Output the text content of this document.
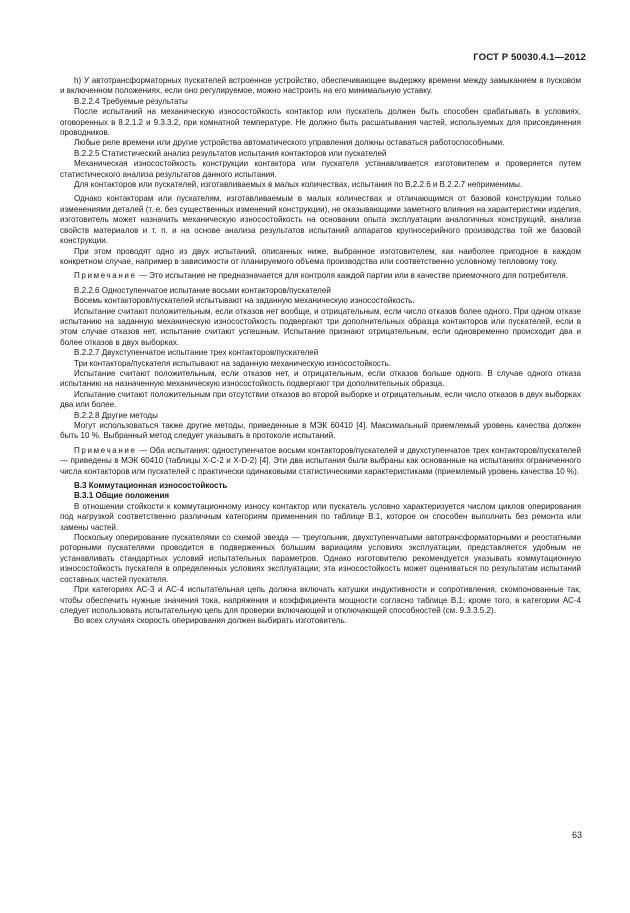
ГОСТ Р 50030.4.1—2012

h) У автотрансформаторных пускателей встроенное устройство, обеспечивающее выдержку времени между замыканием в пусковом и включенном положениях, если оно регулируемое, можно настроить на его минимальную уставку.

В.2.2.4 Требуемые результаты

После испытаний на механическую износостойкость контактор или пускатель должен быть способен срабатывать в условиях, оговоренных в 8.2.1.2 и 9.3.3.2, при комнатной температуре. Не должно быть расшатывания частей, используемых для присоединения проводников.

Любые реле времени или другие устройства автоматического управления должны оставаться работоспособными.

В.2.2.5 Статистический анализ результатов испытания контакторов или пускателей

Механическая износостойкость конструкции контактора или пускателя устанавливается изготовителем и проверяется путем статистического анализа результатов данного испытания.

Для контакторов или пускателей, изготавливаемых в малых количествах, испытания по В.2.2.6 и В.2.2.7 неприменимы.

Однако контакторам или пускателям, изготавливаемым в малых количествах и отличающимся от базовой конструкции только изменениями деталей (т. е. без существенных изменений конструкции), не оказывающими заметного влияния на характеристики изделия, изготовитель может назначить механическую износостойкость на основании опыта эксплуатации аналогичных конструкций, анализа свойств материалов и т. п. и на основе анализа результатов испытаний аппаратов крупносерийного производства той же базовой конструкции.

При этом проводят одно из двух испытаний, описанных ниже, выбранное изготовителем, как наиболее пригодное в каждом конкретном случае, например в зависимости от планируемого объема производства или соответственно условному тепловому току.

Примечание — Это испытание не предназначается для контроля каждой партии или в качестве приемочного для потребителя.

В.2.2.6 Одноступенчатое испытание восьми контакторов/пускателей

Восемь контакторов/пускателей испытывают на заданную механическую износостойкость.

Испытание считают положительным, если отказов нет вообще, и отрицательным, если число отказов более одного. При одном отказе испытанию на заданную механическую износостойкость подвергают три дополнительных образца контакторов или пускателей, если в этом случае отказов нет, испытание считают успешным. Испытание признают отрицательным, если одновременно происходит два и более отказов в двух выборках.

В.2.2.7 Двухступенчатое испытание трех контакторов/пускателей

Три контактора/пускателя испытывают на заданную механическую износостойкость.

Испытание считают положительным, если отказов нет, и отрицательным, если отказов больше одного. В случае одного отказа испытанию на назначенную механическую износостойкость подвергают три дополнительных образца.

Испытание считают положительным при отсутствии отказов во второй выборке и отрицательным, если число отказов в двух выборках два или более.

В.2.2.8 Другие методы

Могут использоваться также другие методы, приведенные в МЭК 60410 [4]. Максимальный приемлемый уровень качества должен быть 10 %. Выбранный метод следует указывать в протоколе испытаний.

Примечание — Оба испытания: одноступенчатое восьми контакторов/пускателей и двухступенчатое трех контакторов/пускателей — приведены в МЭК 60410 (таблицы X-C-2 и X-D-2) [4]. Эти два испытания были выбраны как основанные на испытаниях ограниченного числа контакторов или пускателей с практически одинаковыми статистическими характеристиками (приемлемый уровень качества 10 %).

В.3 Коммутационная износостойкость

В.3.1 Общие положения

В отношении стойкости к коммутационному износу контактор или пускатель условно характеризуется числом циклов оперирования под нагрузкой соответственно различным категориям применения по таблице В.1, которое он способен выполнить без ремонта или замены частей.

Поскольку оперирование пускателями со схемой звезда — треугольник, двухступенчатыми автотрансформаторными и реостатными роторными пускателями проводится в подверженных большим вариациям условиях эксплуатации, представляется удобным не устанавливать стандартных условий испытательных параметров. Однако изготовителю рекомендуется указывать коммутационную износостойкость пускателя в определенных условиях эксплуатации; эта износостойкость может оцениваться по результатам испытаний составных частей пускателя.

При категориях АС-3 и АС-4 испытательная цепь должна включать катушки индуктивности и сопротивления, скомпонованные так, чтобы обеспечить нужные значения тока, напряжения и коэффициента мощности согласно таблице В.1; кроме того, в категории АС-4 следует использовать испытательную цепь для проверки включающей и отключающей способностей (см. 9.3.3.5.2).

Во всех случаях скорость оперирования должен выбирать изготовитель.

63
